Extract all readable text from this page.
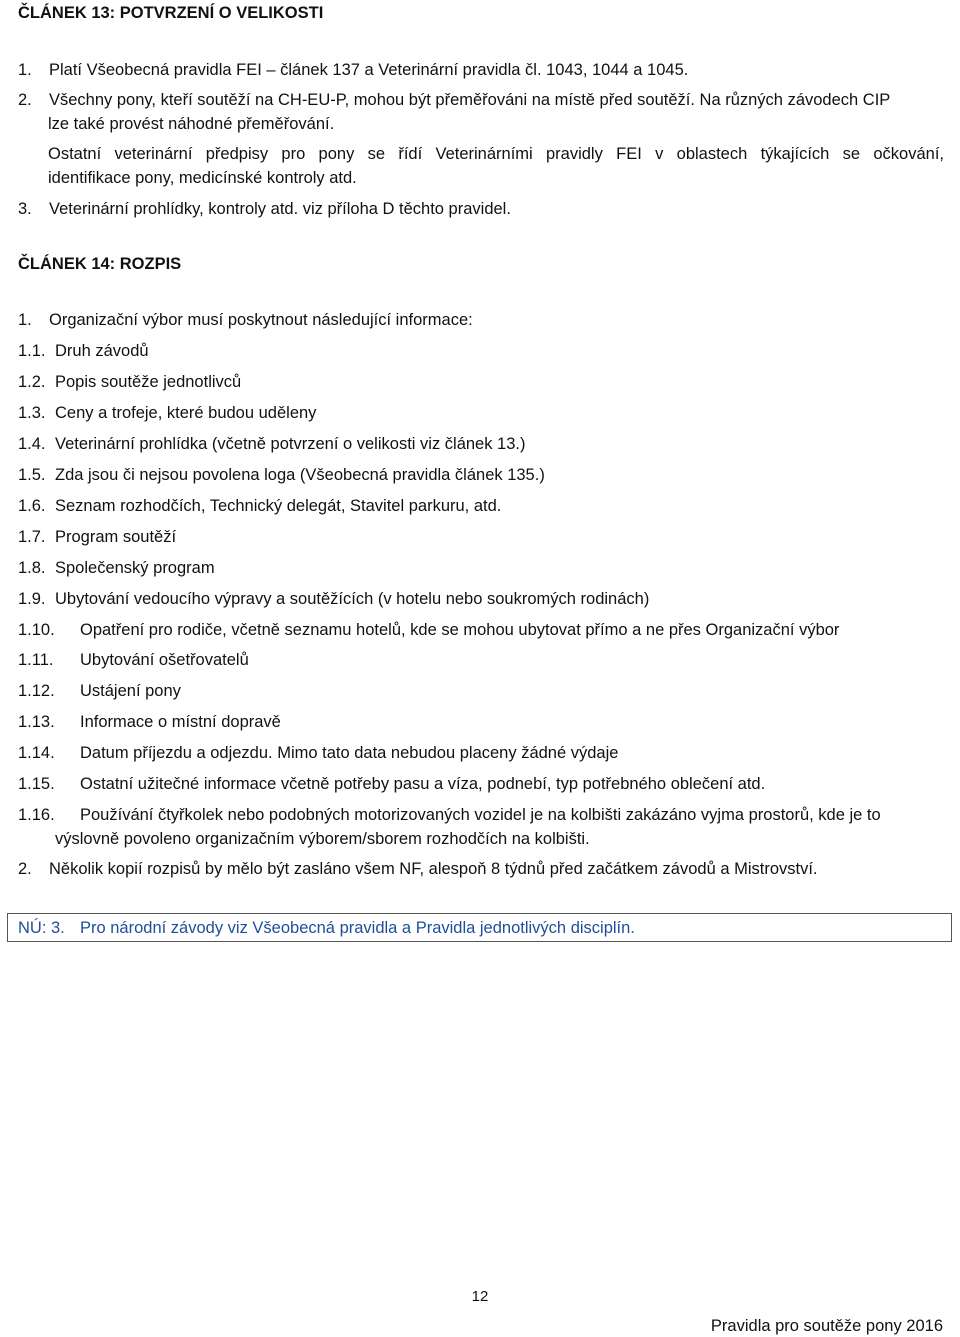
ČLÁNEK 13: POTVRZENÍ O VELIKOSTI
1. Platí Všeobecná pravidla FEI – článek 137 a Veterinární pravidla čl. 1043, 1044 a 1045.
2. Všechny pony, kteří soutěží na CH-EU-P, mohou být přeměřováni na místě před soutěží. Na různých závodech CIP
lze také provést náhodné přeměřování.
Ostatní veterinární předpisy pro pony se řídí Veterinárními pravidly FEI v oblastech týkajících se očkování,
identifikace pony, medicínské kontroly atd.
3. Veterinární prohlídky, kontroly atd. viz příloha D těchto pravidel.
ČLÁNEK 14: ROZPIS
1. Organizační výbor musí poskytnout následující informace:
1.1. Druh závodů
1.2. Popis soutěže jednotlivců
1.3. Ceny a trofeje, které budou uděleny
1.4. Veterinární prohlídka (včetně potvrzení o velikosti viz článek 13.)
1.5. Zda jsou či nejsou povolena loga (Všeobecná pravidla článek 135.)
1.6. Seznam rozhodčích, Technický delegát, Stavitel parkuru, atd.
1.7. Program soutěží
1.8. Společenský program
1.9. Ubytování vedoucího výpravy a soutěžících (v hotelu nebo soukromých rodinách)
1.10. Opatření pro rodiče, včetně seznamu hotelů, kde se mohou ubytovat přímo a ne přes Organizační výbor
1.11. Ubytování ošetřovatelů
1.12. Ustájení pony
1.13. Informace o místní dopravě
1.14. Datum příjezdu a odjezdu. Mimo tato data nebudou placeny žádné výdaje
1.15. Ostatní užitečné informace včetně potřeby pasu a víza, podnebí, typ potřebného oblečení atd.
1.16. Používání čtyřkolek nebo podobných motorizovaných vozidel je na kolbišti zakázáno vyjma prostorů, kde je to
výslovně povoleno organizačním výborem/sborem rozhodčích na kolbišti.
2. Několik kopií rozpisů by mělo být zasláno všem NF, alespoň 8 týdnů před začátkem závodů a Mistrovství.
NÚ: 3. Pro národní závody viz Všeobecná pravidla a Pravidla jednotlivých disciplín.
12
Pravidla pro soutěže pony 2016
